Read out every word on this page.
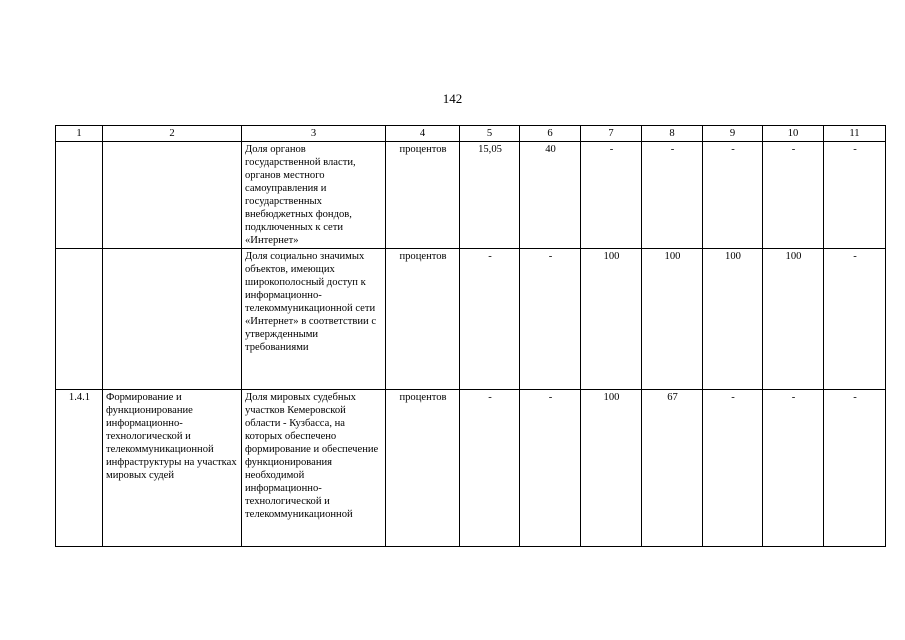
142
1	2	3	4	5	6	7	8	9	10	11
		Доля органов государственной власти, органов местного самоуправления и государственных внебюджетных фондов, подключенных к сети «Интернет»	процентов	15,05	40	-	-	-	-	-
		Доля социально значимых объектов, имеющих широкополосный доступ к информационно-телекоммуникационной сети «Интернет» в соответствии с утвержденными требованиями	процентов	-	-	100	100	100	100	-
1.4.1	Формирование и функционирование информационно-технологической и телекоммуникационной инфраструктуры на участках мировых судей	Доля мировых судебных участков Кемеровской области - Кузбасса, на которых обеспечено формирование и обеспечение функционирования необходимой информационно-технологической и телекоммуникационной	процентов	-	-	100	67	-	-	-
